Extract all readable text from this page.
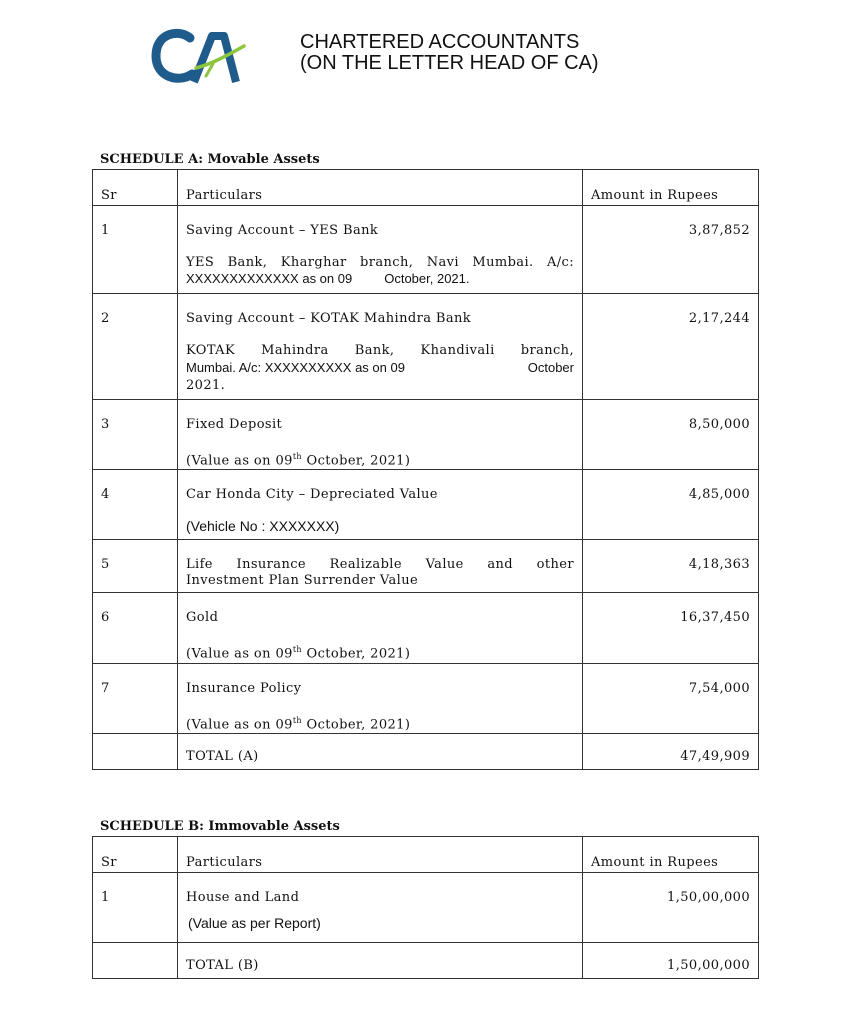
CHARTERED ACCOUNTANTS
(ON THE LETTER HEAD OF CA)
SCHEDULE A: Movable Assets
Sr	Particulars	Amount in Rupees

1	Saving Account – YES Bank
YES Bank, Kharghar branch, Navi Mumbai. A/c:
XXXXXXXXXXXXX as on 09 October, 2021.	3,87,852

2	Saving Account – KOTAK Mahindra Bank
KOTAK Mahindra Bank, Khandivali branch,
Mumbai. A/c: XXXXXXXXXX as on 09 October
2021.	2,17,244

3	Fixed Deposit
(Value as on 09th October, 2021)	8,50,000

4	Car Honda City – Depreciated Value
(Vehicle No : XXXXXXX)	4,85,000

5	Life Insurance Realizable Value and other
Investment Plan Surrender Value	4,18,363

6	Gold
(Value as on 09th October, 2021)	16,37,450

7	Insurance Policy
(Value as on 09th October, 2021)	7,54,000

	TOTAL (A)	47,49,909
SCHEDULE B: Immovable Assets
Sr	Particulars	Amount in Rupees

1	House and Land
(Value as per Report)	1,50,00,000

	TOTAL (B)	1,50,00,000
